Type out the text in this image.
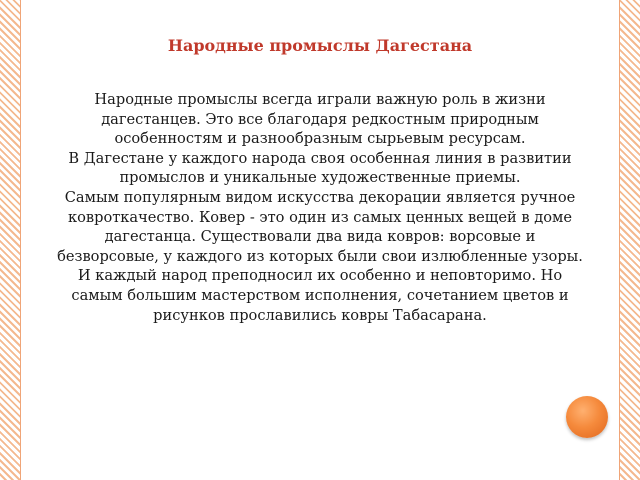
Народные промыслы Дагестана

Народные промыслы всегда играли важную роль в жизни дагестанцев. Это все благодаря редкостным природным особенностям и разнообразным сырьевым ресурсам.

В Дагестане у каждого народа своя особенная линия в развитии промыслов и уникальные художественные приемы.

Самым популярным видом искусства декорации является ручное ковроткачество. Ковер - это один из самых ценных вещей в доме дагестанца. Существовали два вида ковров: ворсовые и безворсовые, у каждого из которых были свои излюбленные узоры. И каждый народ преподносил их особенно и неповторимо. Но самым большим мастерством исполнения, сочетанием цветов и рисунков прославились ковры Табасарана.
